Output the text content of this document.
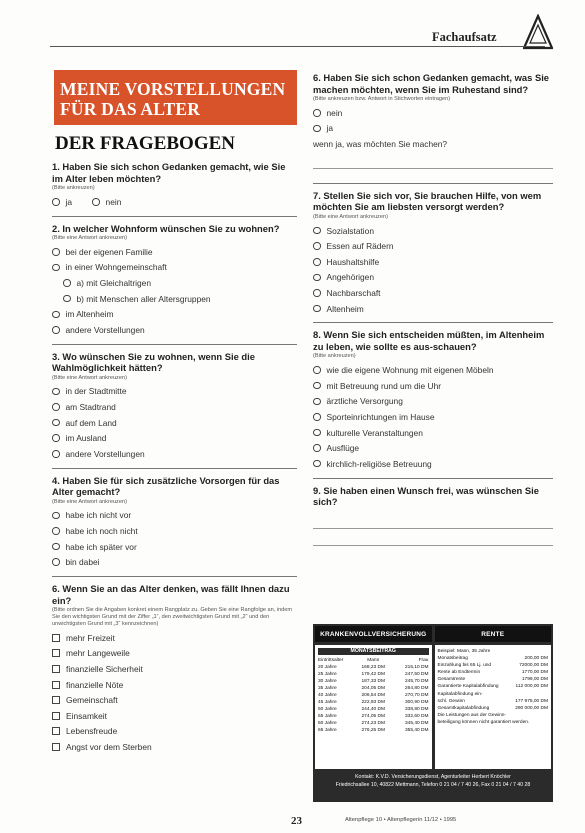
Fachaufsatz
MEINE VORSTELLUNGEN
FÜR DAS ALTER
DER FRAGEBOGEN
1. Haben Sie sich schon Gedanken gemacht, wie Sie im Alter leben möchten?
(Bitte ankreuzen)
ja	nein
2. In welcher Wohnform wünschen Sie zu wohnen?
(Bitte eine Antwort ankreuzen)
bei der eigenen Familie
in einer Wohngemeinschaft
a) mit Gleichaltrigen
b) mit Menschen aller Altersgruppen
im Altenheim
andere Vorstellungen
3. Wo wünschen Sie zu wohnen, wenn Sie die Wahlmöglichkeit hätten?
(Bitte eine Antwort ankreuzen)
in der Stadtmitte
am Stadtrand
auf dem Land
im Ausland
andere Vorstellungen
4. Haben Sie für sich zusätzliche Vorsorgen für das Alter gemacht?
(Bitte eine Antwort ankreuzen)
habe ich nicht vor
habe ich noch nicht
habe ich später vor
bin dabei
6. Wenn Sie an das Alter denken, was fällt Ihnen dazu ein?
(Bitte ordnen Sie die Angaben konkret einem Rangplatz zu. Geben Sie eine Rangfolge an, indem Sie den wichtigsten Grund mit der Ziffer „1“, den zweitwichtigsten Grund mit „2“ und den unwichtigsten Grund mit „3“ kennzeichnen)
mehr Freizeit
mehr Langeweile
finanzielle Sicherheit
finanzielle Nöte
Gemeinschaft
Einsamkeit
Lebensfreude
Angst vor dem Sterben
6. Haben Sie sich schon Gedanken gemacht, was Sie machen möchten, wenn Sie im Ruhestand sind?
(Bitte ankreuzen bzw. Antwort in Stichworten eintragen)
nein
ja
wenn ja, was möchten Sie machen?
7. Stellen Sie sich vor, Sie brauchen Hilfe, von wem möchten Sie am liebsten versorgt werden?
(Bitte eine Antwort ankreuzen)
Sozialstation
Essen auf Rädern
Haushaltshilfe
Angehörigen
Nachbarschaft
Altenheim
8. Wenn Sie sich entscheiden müßten, im Altenheim zu leben, wie sollte es aus-schauen?
(Bitte ankreuzen)
wie die eigene Wohnung mit eigenen Möbeln
mit Betreuung rund um die Uhr
ärztliche Versorgung
Sporteinrichtungen im Hause
kulturelle Veranstaltungen
Ausflüge
kirchlich-religiöse Betreuung
9. Sie haben einen Wunsch frei, was wünschen Sie sich?
KRANKENVOLLVERSICHERUNG	RENTE
MONATSBEITRAG
Eintrittsalter	Mann	Frau
20 Jahre	168,23 DM	215,10 DM
25 Jahre	179,42 DM	247,50 DM
30 Jahre	187,33 DM	245,70 DM
35 Jahre	204,05 DM	264,80 DM
40 Jahre	206,54 DM	270,70 DM
45 Jahre	222,93 DM	300,90 DM
50 Jahre	244,40 DM	338,80 DM
55 Jahre	274,05 DM	332,60 DM
60 Jahre	274,23 DM	345,40 DM
65 Jahre	276,25 DM	355,40 DM
Beispiel: Mann, 35 Jahre
Monatsbeitrag	200,00 DM
Einzahlung bis 65 Lj. und	72000,00 DM
Rente ab Endtermin	1770,00 DM
Gesamtrente	1799,00 DM
Garantierte Kapitalabfindung	112 000,00 DM
Kapitalabfindung ein-
schl. Gewinn	177 975,00 DM
Gesamtkapitalabfindung	290 000,00 DM
Die Leistungen aus der Gewinn-
beteiligung können nicht garantiert werden.
Kontakt: K.V.D. Versicherungsdienst, Agenturleiter Herbert Knöchler
Friedrichsallee 10, 40822 Mettmann, Telefon 0 21 04 / 7 40 26, Fax 0 21 04 / 7 40 28
23	Altenpflege 10 • Altenpflegerin 11/12 • 1995
